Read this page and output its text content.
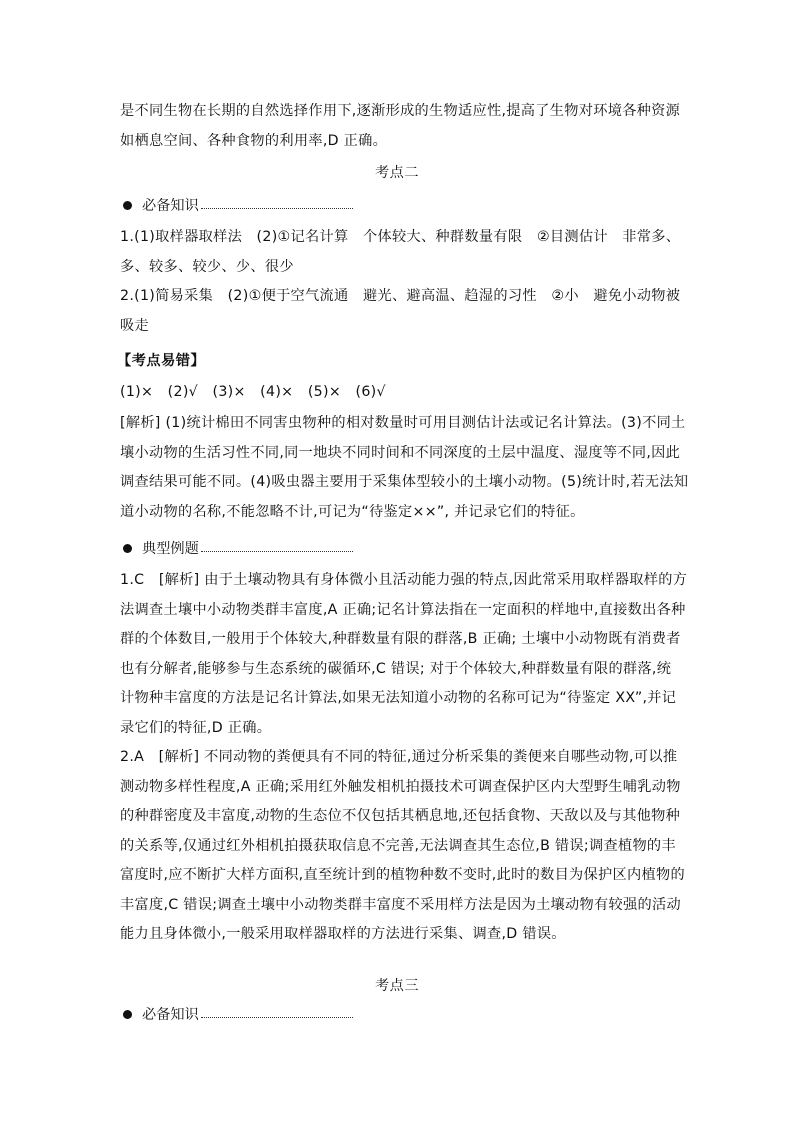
是不同生物在长期的自然选择作用下,逐渐形成的生物适应性,提高了生物对环境各种资源
如栖息空间、各种食物的利用率,D 正确。
考点二
必备知识
1.(1)取样器取样法　(2)①记名计算　个体较大、种群数量有限　②目测估计　非常多、
多、较多、较少、少、很少
2.(1)简易采集　(2)①便于空气流通　避光、避高温、趋湿的习性　②小　避免小动物被
吸走
【考点易错】
(1)×　(2)√　(3)×　(4)×　(5)×　(6)√
[解析] (1)统计棉田不同害虫物种的相对数量时可用目测估计法或记名计算法。(3)不同土
壤小动物的生活习性不同,同一地块不同时间和不同深度的土层中温度、湿度等不同,因此
调查结果可能不同。(4)吸虫器主要用于采集体型较小的土壤小动物。(5)统计时,若无法知
道小动物的名称,不能忽略不计,可记为“待鉴定××”, 并记录它们的特征。
典型例题
1.C　[解析] 由于土壤动物具有身体微小且活动能力强的特点,因此常采用取样器取样的方
法调查土壤中小动物类群丰富度,A 正确;记名计算法指在一定面积的样地中,直接数出各种
群的个体数目,一般用于个体较大,种群数量有限的群落,B 正确; 土壤中小动物既有消费者
也有分解者,能够参与生态系统的碳循环,C 错误; 对于个体较大,种群数量有限的群落,统
计物种丰富度的方法是记名计算法,如果无法知道小动物的名称可记为“待鉴定 XX”,并记
录它们的特征,D 正确。
2.A　[解析] 不同动物的粪便具有不同的特征,通过分析采集的粪便来自哪些动物,可以推
测动物多样性程度,A 正确;采用红外触发相机拍摄技术可调查保护区内大型野生哺乳动物
的种群密度及丰富度,动物的生态位不仅包括其栖息地,还包括食物、天敌以及与其他物种
的关系等,仅通过红外相机拍摄获取信息不完善,无法调查其生态位,B 错误;调查植物的丰
富度时,应不断扩大样方面积,直至统计到的植物种数不变时,此时的数目为保护区内植物的
丰富度,C 错误;调查土壤中小动物类群丰富度不采用样方法是因为土壤动物有较强的活动
能力且身体微小,一般采用取样器取样的方法进行采集、调查,D 错误。
考点三
必备知识
